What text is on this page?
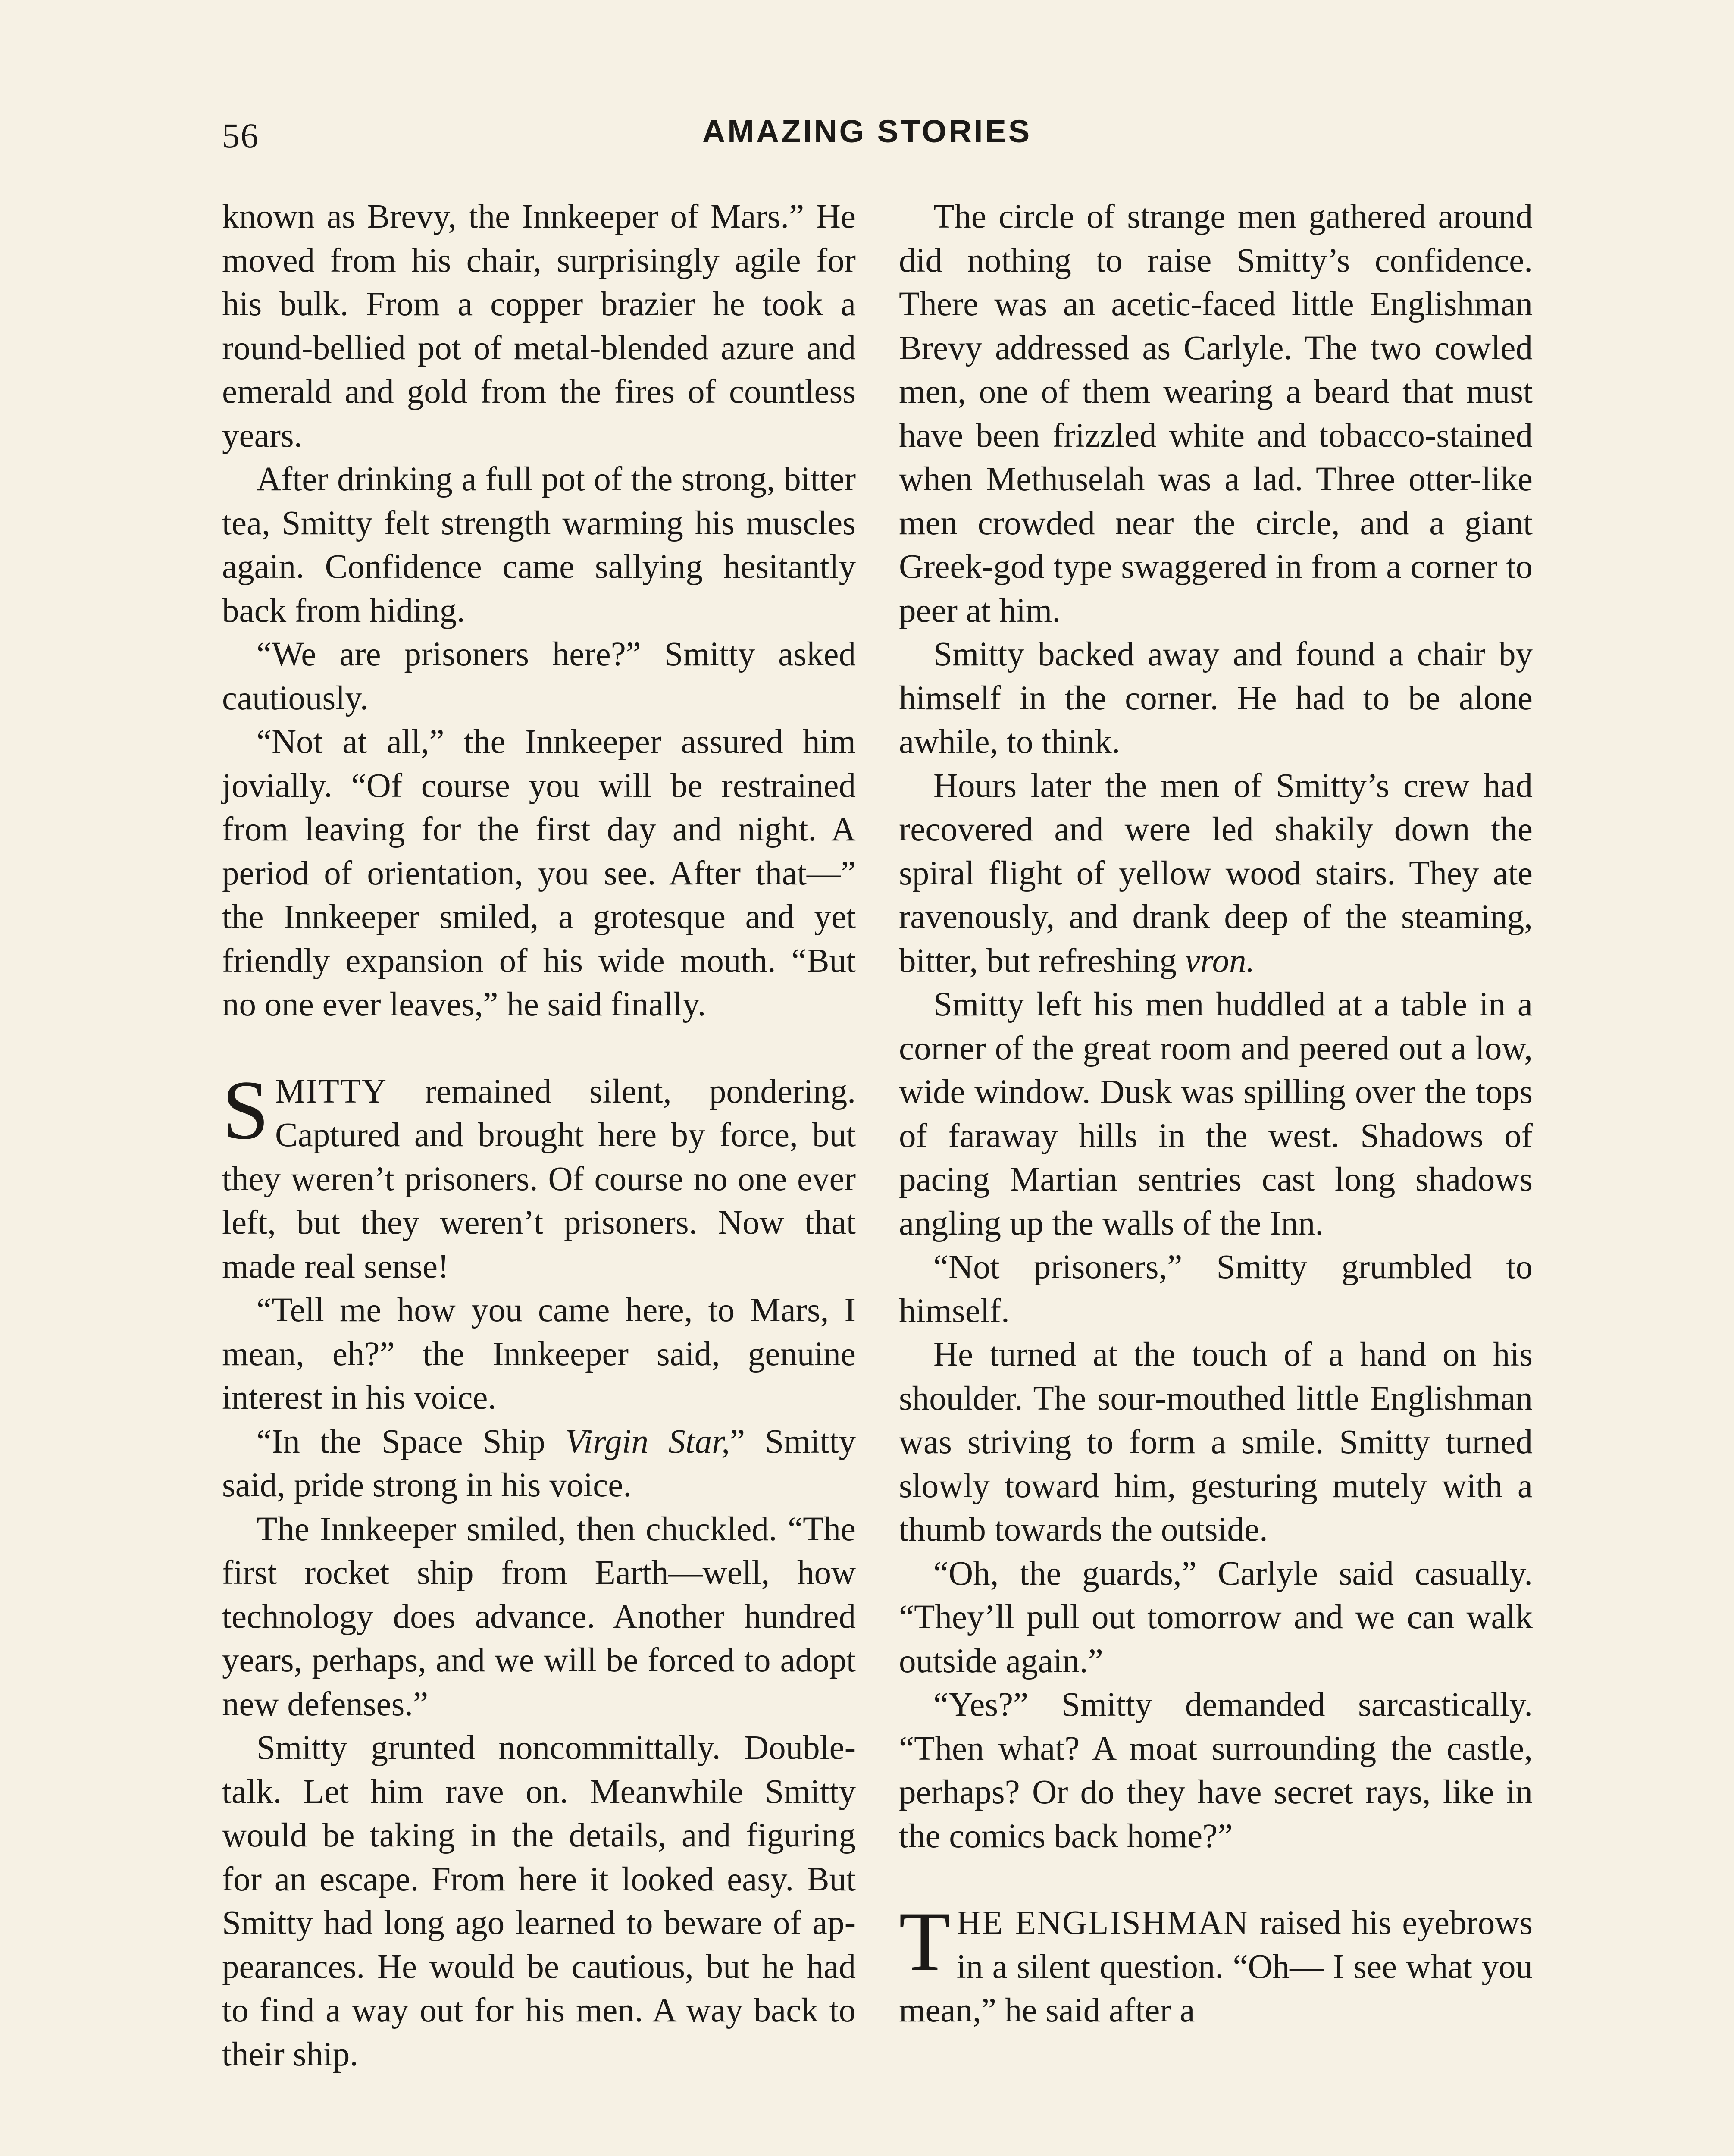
56	AMAZING STORIES

known as Brevy, the Innkeeper of Mars.” He moved from his chair, surprisingly agile for his bulk. From a copper brazier he took a round-bellied pot of metal-blended azure and emerald and gold from the fires of countless years.

After drinking a full pot of the strong, bitter tea, Smitty felt strength warming his muscles again. Confidence came sallying hesitantly back from hiding.

“We are prisoners here?” Smitty asked cautiously.

“Not at all,” the Innkeeper assured him jovially. “Of course you will be restrained from leaving for the first day and night. A period of orientation, you see. After that—” the Innkeeper smiled, a grotesque and yet friendly expansion of his wide mouth. “But no one ever leaves,” he said finally.

SMITTY remained silent, pondering. Captured and brought here by force, but they weren’t prisoners. Of course no one ever left, but they weren’t prisoners. Now that made real sense!

“Tell me how you came here, to Mars, I mean, eh?” the Innkeeper said, genuine interest in his voice.

“In the Space Ship Virgin Star,” Smitty said, pride strong in his voice.

The Innkeeper smiled, then chuckled. “The first rocket ship from Earth—well, how technology does advance. Another hundred years, perhaps, and we will be forced to adopt new defenses.”

Smitty grunted noncommittally. Double-talk. Let him rave on. Meanwhile Smitty would be taking in the details, and figuring for an escape. From here it looked easy. But Smitty had long ago learned to beware of appearances. He would be cautious, but he had to find a way out for his men. A way back to their ship.

The circle of strange men gathered around did nothing to raise Smitty’s confidence. There was an acetic-faced little Englishman Brevy addressed as Carlyle. The two cowled men, one of them wearing a beard that must have been frizzled white and tobacco-stained when Methuselah was a lad. Three otter-like men crowded near the circle, and a giant Greek-god type swaggered in from a corner to peer at him.

Smitty backed away and found a chair by himself in the corner. He had to be alone awhile, to think.

Hours later the men of Smitty’s crew had recovered and were led shakily down the spiral flight of yellow wood stairs. They ate ravenously, and drank deep of the steaming, bitter, but refreshing vron.

Smitty left his men huddled at a table in a corner of the great room and peered out a low, wide window. Dusk was spilling over the tops of faraway hills in the west. Shadows of pacing Martian sentries cast long shadows angling up the walls of the Inn.

“Not prisoners,” Smitty grumbled to himself.

He turned at the touch of a hand on his shoulder. The sour-mouthed little Englishman was striving to form a smile. Smitty turned slowly toward him, gesturing mutely with a thumb towards the outside.

“Oh, the guards,” Carlyle said casually. “They’ll pull out tomorrow and we can walk outside again.”

“Yes?” Smitty demanded sarcastically. “Then what? A moat surrounding the castle, perhaps? Or do they have secret rays, like in the comics back home?”

THE ENGLISHMAN raised his eyebrows in a silent question. “Oh— I see what you mean,” he said after a
